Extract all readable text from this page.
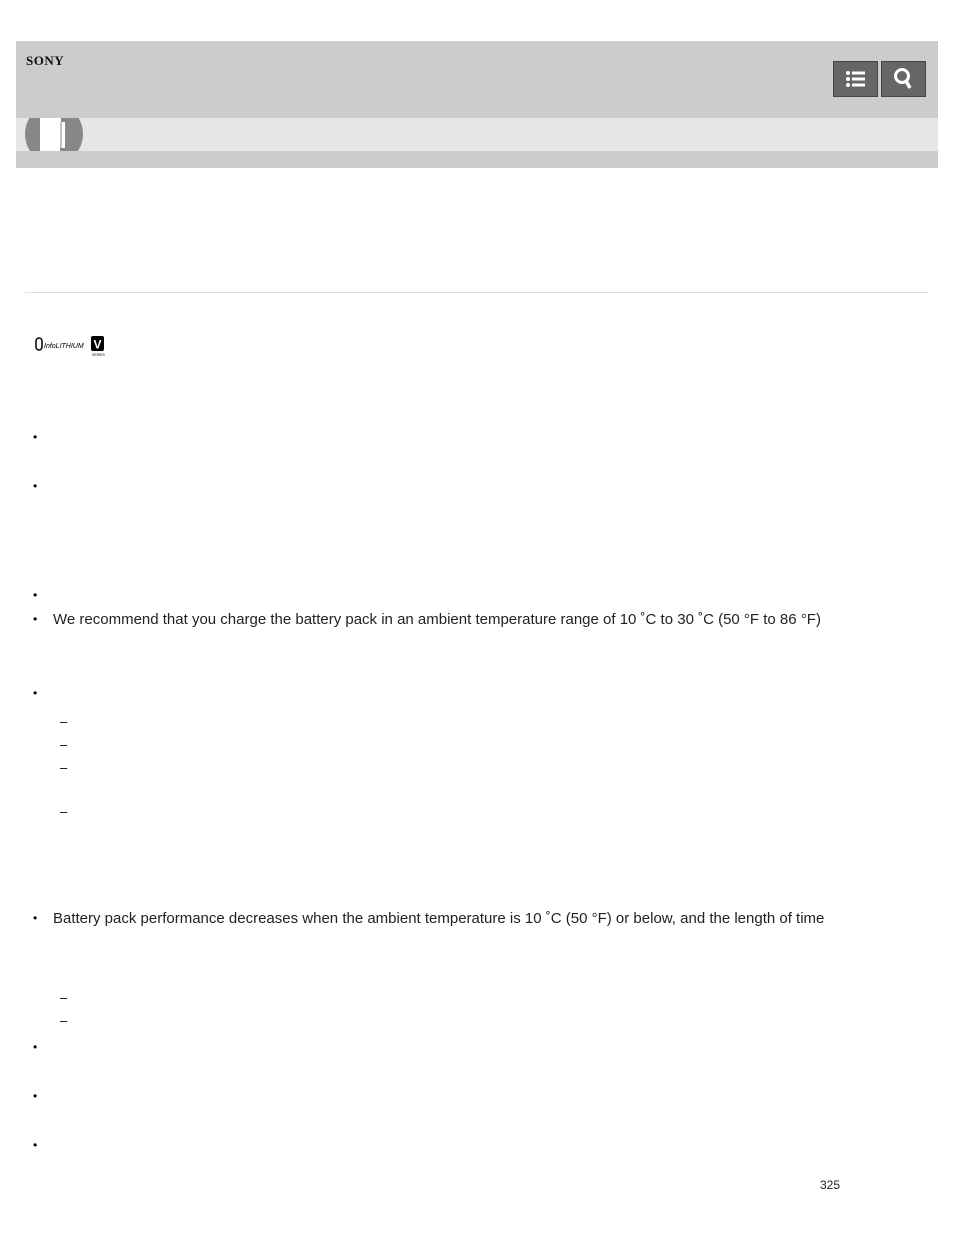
SONY
InfoLITHIUM V
SERIES
•
•
•
• We recommend that you charge the battery pack in an ambient temperature range of 10 ˚C to 30 ˚C (50 °F to 86 °F)
•
–
–
–
–
• Battery pack performance decreases when the ambient temperature is 10 ˚C (50 °F) or below, and the length of time
–
–
•
•
•
325
